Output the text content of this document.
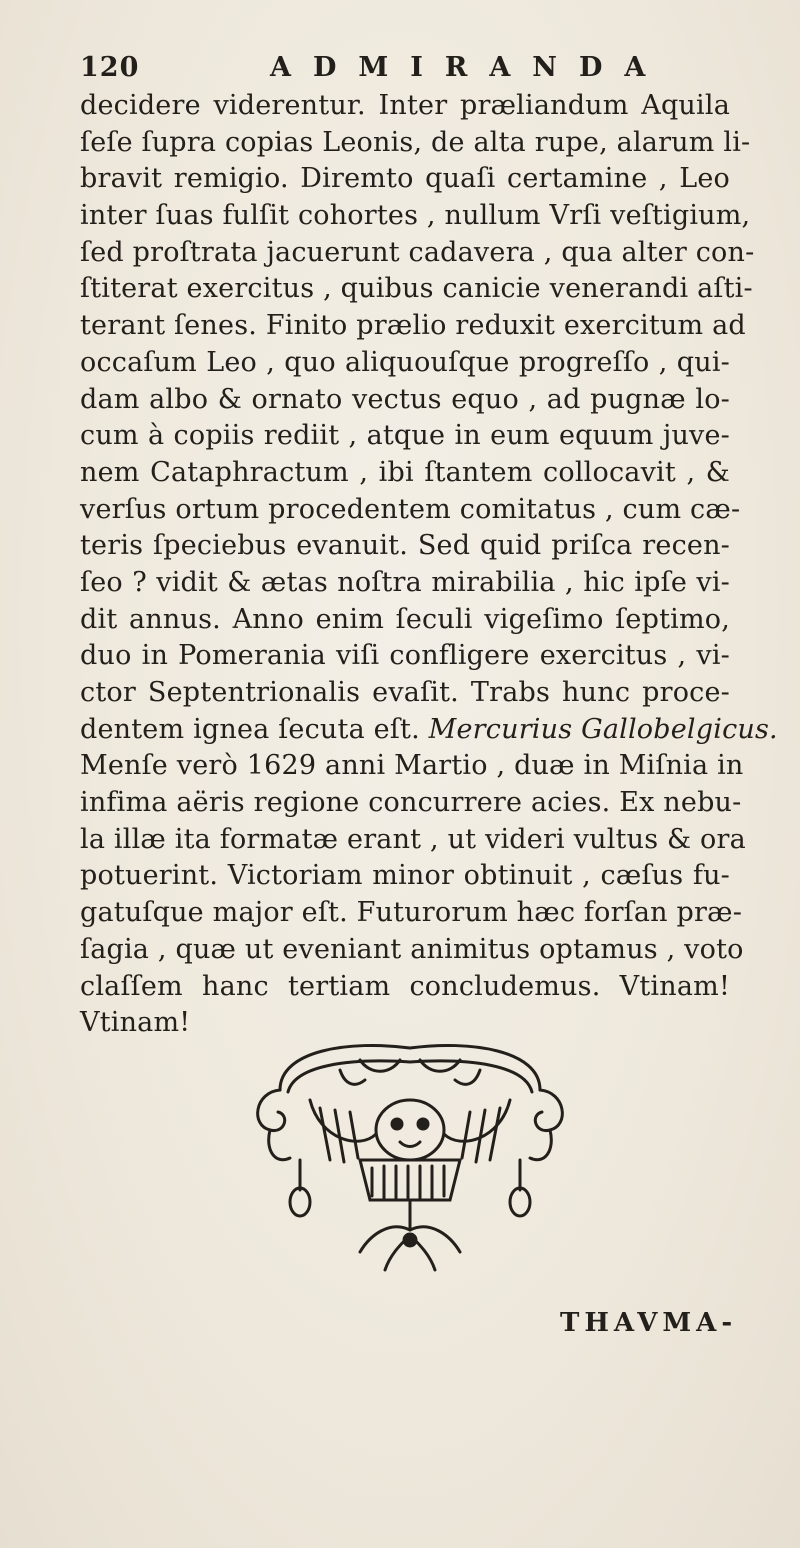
120	ADMIRANDA
decidere viderentur. Inter præliandum Aquila
ſeſe ſupra copias Leonis, de alta rupe, alarum li-
bravit remigio. Diremto quaſi certamine , Leo
inter ſuas fulſit cohortes , nullum Vrſi veſtigium,
ſed proſtrata jacuerunt cadavera , qua alter con-
ſtiterat exercitus , quibus canicie venerandi aſti-
terant ſenes. Finito prælio reduxit exercitum ad
occaſum Leo , quo aliquouſque progreſſo , qui-
dam albo & ornato vectus equo , ad pugnæ lo-
cum à copiis rediit , atque in eum equum juve-
nem Cataphractum , ibi ſtantem collocavit , &
verſus ortum procedentem comitatus , cum cæ-
teris ſpeciebus evanuit. Sed quid priſca recen-
ſeo ? vidit & ætas noſtra mirabilia , hic ipſe vi-
dit annus. Anno enim ſeculi vigeſimo ſeptimo,
duo in Pomerania viſi confligere exercitus , vi-
ctor Septentrionalis evaſit. Trabs hunc proce-
dentem ignea ſecuta eſt. Mercurius Gallobelgicus.
Menſe verò 1629 anni Martio , duæ in Miſnia in
infima aëris regione concurrere acies. Ex nebu-
la illæ ita formatæ erant , ut videri vultus & ora
potuerint. Victoriam minor obtinuit , cæſus fu-
gatuſque major eſt. Futurorum hæc forſan præ-
ſagia , quæ ut eveniant animitus optamus , voto
claſſem hanc tertiam concludemus. Vtinam!
Vtinam!
THAVMA-
